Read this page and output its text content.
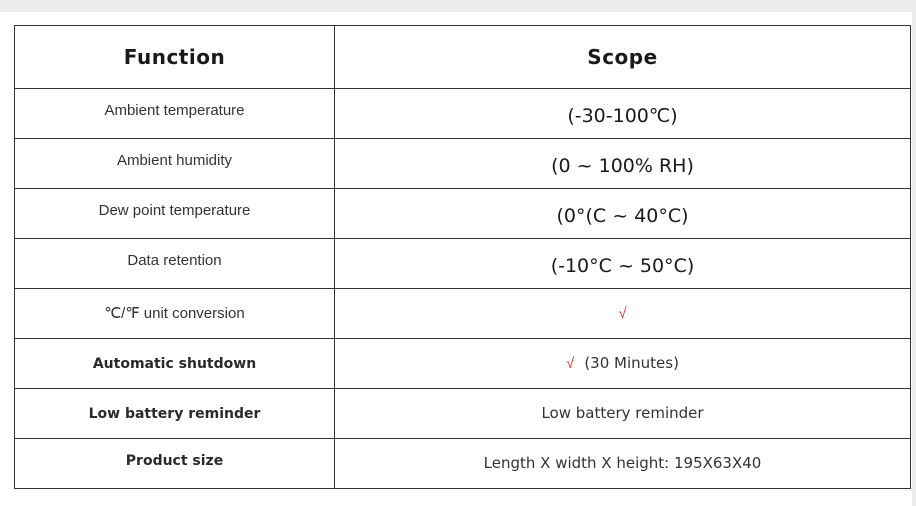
Function	Scope
Ambient temperature	(-30-100℃)
Ambient humidity	(0 ~ 100% RH)
Dew point temperature	(0°(C ~ 40°C)
Data retention	(-10°C ~ 50°C)
℃/℉ unit conversion	√
Automatic shutdown	√ (30 Minutes)
Low battery reminder	Low battery reminder
Product size	Length X width X height: 195X63X40
